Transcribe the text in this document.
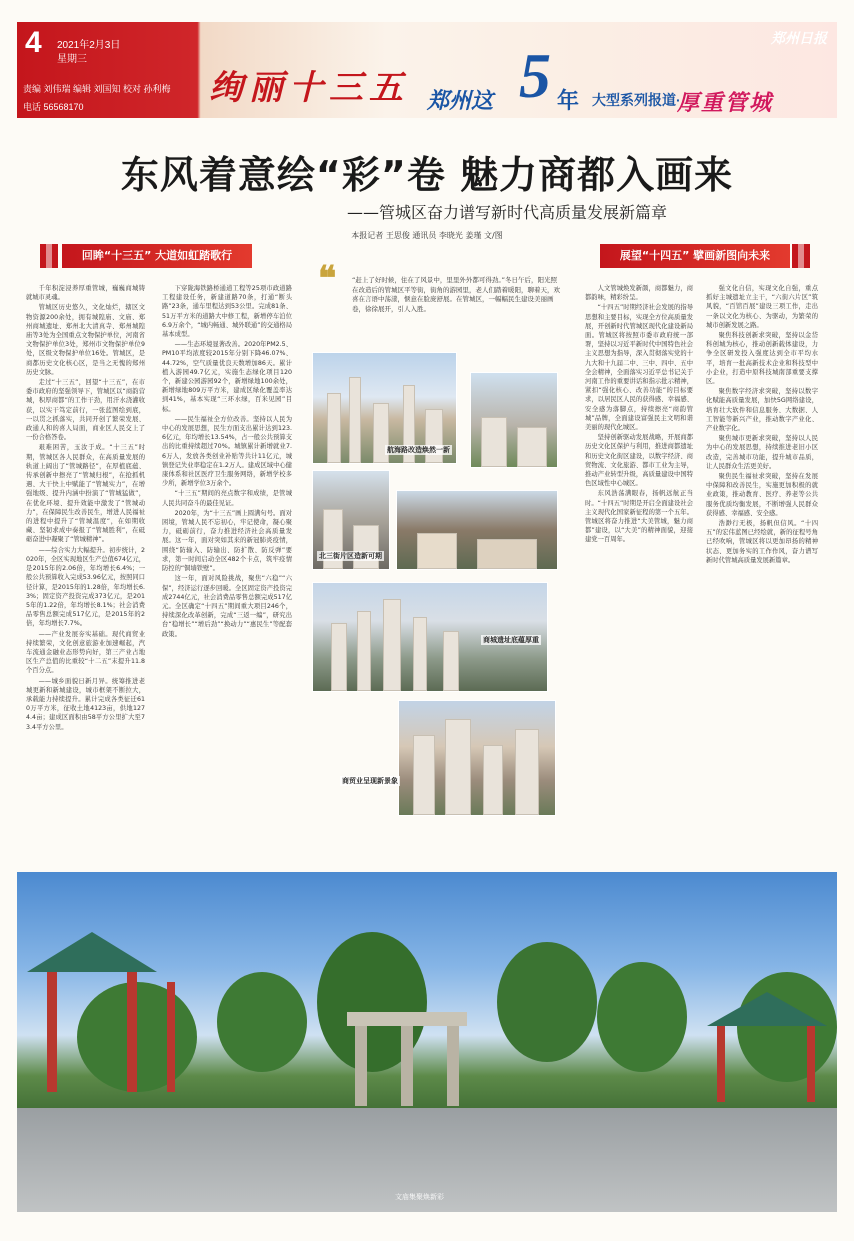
4 2021年2月3日
星期三
责编 刘伟瑞 编辑 刘国知 校对 孙利梅
电话 56568170	绚丽十三五 郑州这 5 年 大型系列报道·
厚重管城
郑州日报
东风着意绘“彩”卷 魅力商都入画来
——管城区奋力谱写新时代高质量发展新篇章
本报记者 王思俊 通讯员 李晓光 姜瑾 文/图
回眸“十三五” 大道如虹踏歌行	展望“十四五” 擘画新图向未来

千年积淀浸养厚重管城，巍巍商城铸就城市灵魂。

管城区历史悠久，文化灿烂，辖区文物资源200余处，拥有城隍庙、文庙、郑州商城遗址、郑州北大清真寺、郑州城隍庙等3处为全国重点文物保护单位，河南省文物保护单位3处，郑州市文物保护单位9处，区级文物保护单位16处。管城区，是商都历史文化核心区，是当之无愧的郑州历史文脉。

走过“十三五”，回望“十三五”，在市委市政府的坚强领导下，管城区以“商韵营城，积厚商都”的工作干劲，用汗水浇灌收获，以实干笃定前行，一张蓝图绘到底，一以贯之抓落实，共同开创了繁荣发展、政通人和的喜人局面，商业区人民交上了一份合格答卷。

艰难困苦，玉汝于成。“十三五”时期，管城区各人民群众，在高质量发展的轨道上阔出了“管城路径”，在厚植底蕴、传承创新中擦亮了“管城归根”，在抢抓机遇、大干快上中赋能了“管城实力”，在增强地级、提升内涵中扮演了“管城猛做”，在优化环境、提升效能中激发了“管城动力”，在保障民生改善民生，增进人民福祉的进程中提升了“管城温度”，在如期收藏、坚韧求成中奏报了“管城胜利”，在砥砺奋进中凝聚了“管城精神”。

——综合实力大幅提升。初步统计，2020年，全区实现地区生产总值674亿元，是2015年的2.06倍，年均增长6.4%；一般公共预算收入完成53.96亿元，按照同口径计算，是2015年的1.28倍，年均增长6.3%；固定资产投资完成373亿元，是2015年的1.22倍，年均增长8.1%；社会消费品零售总额完成517亿元，是2015年的2倍，年均增长7.7%。

——产业发展夯实基础。现代商贸业持续繁荣，文化创意旅游业加速崛起，汽车流通金融业态形势向好，第三产业占地区生产总值的比重较“十二五”末提升11.8个百分点。

——城乡面貌日新月异。统筹推进老城更新和新城建设，城市框架不断拉大，承载能力持续提升。累计完成各类征迁610万平方米，征收土地4123亩，供地1274.4亩；建成区面积由58平方公里扩大至73.4平方公里。

下穿陇海铁路桥通道工程等25项市政道路工程建设任务，新建道路70条，打通“断头路”23条，通车里程达到53公里。完成81条、51万平方米的道路大中修工程，新增停车泊位6.9万余个，“城内畅通、城外联通”的交通格局基本成型。

——生态环境显著改善。2020年PM2.5、PM10平均浓度较2015年分别下降46.07%、44.72%，空气质量优良天数增加86天。累计植入游园49.7亿元，实施生态绿化项目120个，新建公园游园92个，新增绿地100余处，新增绿地809万平方米，建成区绿化覆盖率达到41%，基本实现“三环水绿，百米见园”目标。

——民生福祉全方位改善。坚持以人民为中心的发展思想，民生方面支出累计达到123.6亿元，年均增长13.54%，占一般公共预算支出的比重持续超过70%。城镇累计新增就业7.6万人，发放各类创业补贴等共计11亿元，城镇登记失业率稳定在1.2万人。建成区域中心健康体系和社区医疗卫生服务网络，新增学校多少所，新增学位3万余个。

“十三五”期间的亮点数字和成绩，是管城人民共同奋斗的最佳见证。

2020年，为“十三五”画上圆满句号。面对困境，管城人民不忘初心，牢记使命，凝心聚力，砥砺前行，奋力推进经济社会高质量发展。这一年，面对突如其来的新冠肺炎疫情，围绕“防输入、防输出、防扩散、防反弹”要求，第一时间启动全区482个卡点，筑牢疫情防控的“铜墙铁壁”。

这一年，面对风险挑战，聚焦“六稳”“六保”，经济运行逐步回暖。全区固定资产投资完成2744亿元，社会消费品零售总额完成517亿元。全区确定“十四五”期间重大项目246个，持续深化改革创新，完成“三返一编”，研究出台“稳增长”“增后劲”“换动力”“惠民生”等配套政策。

❝ “赶上了好时候，住在了风景中，里里外外都可得劲。”冬日午后，阳光照在改造后的管城区平等街，街角的游园里，老人们踏着暖阳，聊着天，欢喜在言语中荡漾，惬意在脸庞舒展。在管城区，一幅幅民生建设美丽画卷，徐徐展开，引人入胜。
航海路改造焕然一新
北三街片区造新可期
商城遗址底蕴厚重
商贸业呈现新景象

人文管城焕发新颜，商都魅力，商都韵味，精彩纷呈。

“十四五”时期经济社会发展的指导思想和主要目标，实现全方位高质量发展，开创新时代管城区现代化建设新局面。管城区将按照市委市政府统一部署，坚持以习近平新时代中国特色社会主义思想为指导，深入贯彻落实党的十九大和十九届二中、三中、四中、五中全会精神，全面落实习近平总书记关于河南工作的重要讲话和指示批示精神，紧扣“强化核心、改善功能”的目标要求，以居民区人民的获得感、幸福感、安全感为落脚点，持续擦亮“商韵管城”品牌，全面建设富强民主文明和谐美丽的现代化城区。

坚持创新驱动发展战略，开展商都历史文化区保护与利用，推进商都遗址和历史文化街区建设，以数字经济、商贸物流、文化旅游、都市工业为主导，推动产业转型升级，高质量建设中国特色区域性中心城区。

东风浩荡满眼春，扬帆远航正当时。“十四五”时期是开启全面建设社会主义现代化国家新征程的第一个五年。管城区将奋力推进“大美管城，魅力商都”建设，以“大美”的精神面貌，迎接建党一百周年。

强文化自信，实现文化自强，重点抓好主城遗址立主干，“六街六片区”筑风貌，“百馆百展”建设三项工作，走出一条以文化为核心、为驱动，为繁荣的城市创新发展之路。

聚焦科技创新求突破，坚持以金岱科创城为核心，推动创新载体建设，力争全区研发投入强度达到全市平均水平，培育一批高新技术企业和科技型中小企业，打造中原科技城南部重要支撑区。

聚焦数字经济求突破，坚持以数字化赋能高质量发展，加快5G网络建设，培育壮大软件和信息服务、大数据、人工智能等新兴产业，推动数字产业化、产业数字化。

聚焦城市更新求突破，坚持以人民为中心的发展思想，持续推进老旧小区改造，完善城市功能，提升城市品质，让人民群众生活更美好。

聚焦民生福祉求突破，坚持在发展中保障和改善民生，实施更加积极的就业政策，推动教育、医疗、养老等公共服务优质均衡发展，不断增强人民群众获得感、幸福感、安全感。

浩渺行无极，扬帆但信风。“十四五”的宏伟蓝图已经绘就，新的征程号角已经吹响，管城区将以更加昂扬的精神状态、更加务实的工作作风，奋力谱写新时代管城高质量发展新篇章。

文庙集聚焕新彩
